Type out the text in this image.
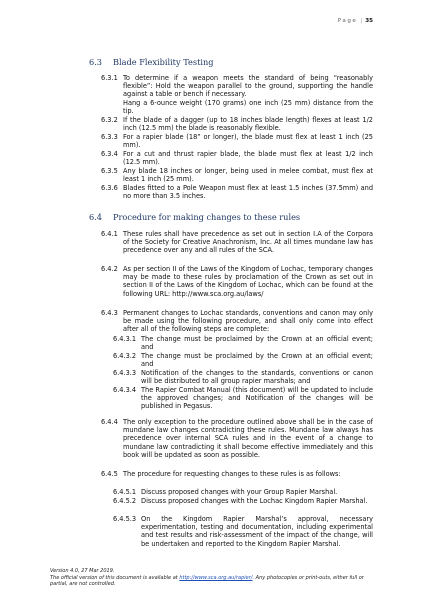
Page | 35
6.3 Blade Flexibility Testing
6.3.1 To determine if a weapon meets the standard of being “reasonably flexible”: Hold the weapon parallel to the ground, supporting the handle against a table or bench if necessary.
Hang a 6-ounce weight (170 grams) one inch (25 mm) distance from the tip.
6.3.2 If the blade of a dagger (up to 18 inches blade length) flexes at least 1/2 inch (12.5 mm) the blade is reasonably flexible.
6.3.3 For a rapier blade (18” or longer), the blade must flex at least 1 inch (25 mm).
6.3.4 For a cut and thrust rapier blade, the blade must flex at least 1/2 inch (12.5 mm).
6.3.5 Any blade 18 inches or longer, being used in melee combat, must flex at least 1 inch (25 mm).
6.3.6 Blades fitted to a Pole Weapon must flex at least 1.5 inches (37.5mm) and no more than 3.5 inches.
6.4 Procedure for making changes to these rules
6.4.1 These rules shall have precedence as set out in section I.A of the Corpora of the Society for Creative Anachronism, Inc. At all times mundane law has precedence over any and all rules of the SCA.
6.4.2 As per section II of the Laws of the Kingdom of Lochac, temporary changes may be made to these rules by proclamation of the Crown as set out in section II of the Laws of the Kingdom of Lochac, which can be found at the following URL: http://www.sca.org.au/laws/
6.4.3 Permanent changes to Lochac standards, conventions and canon may only be made using the following procedure, and shall only come into effect after all of the following steps are complete:
6.4.3.1 The change must be proclaimed by the Crown at an official event; and
6.4.3.2 The change must be proclaimed by the Crown at an official event; and
6.4.3.3 Notification of the changes to the standards, conventions or canon will be distributed to all group rapier marshals; and
6.4.3.4 The Rapier Combat Manual (this document) will be updated to include the approved changes; and Notification of the changes will be published in Pegasus.
6.4.4 The only exception to the procedure outlined above shall be in the case of mundane law changes contradicting these rules. Mundane law always has precedence over internal SCA rules and in the event of a change to mundane law contradicting it shall become effective immediately and this book will be updated as soon as possible.
6.4.5 The procedure for requesting changes to these rules is as follows:
6.4.5.1 Discuss proposed changes with your Group Rapier Marshal.
6.4.5.2 Discuss proposed changes with the Lochac Kingdom Rapier Marshal.
6.4.5.3 On the Kingdom Rapier Marshal’s approval, necessary experimentation, testing and documentation, including experimental and test results and risk-assessment of the impact of the change, will be undertaken and reported to the Kingdom Rapier Marshal.
Version 4.0, 27 Mar 2019.
The official version of this document is available at http://www.sca.org.au/rapier/. Any photocopies or print-outs, either full or partial, are not controlled.
